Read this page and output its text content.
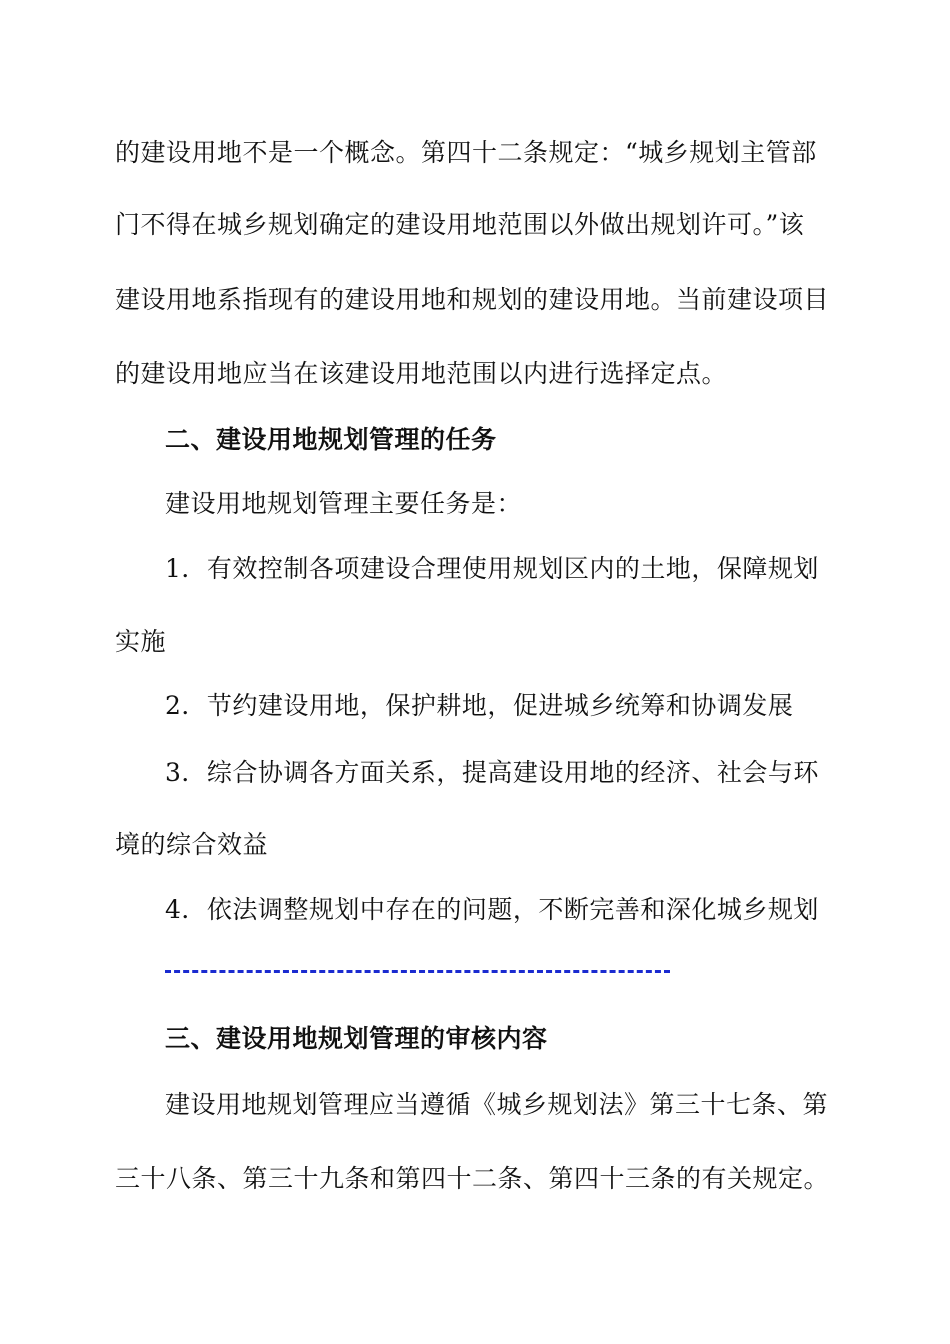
的建设用地不是一个概念。第四十二条规定：“城乡规划主管部
门不得在城乡规划确定的建设用地范围以外做出规划许可。”该
建设用地系指现有的建设用地和规划的建设用地。当前建设项目
的建设用地应当在该建设用地范围以内进行选择定点。
二、建设用地规划管理的任务
建设用地规划管理主要任务是：
1．有效控制各项建设合理使用规划区内的土地，保障规划
实施
2．节约建设用地，保护耕地，促进城乡统筹和协调发展
3．综合协调各方面关系，提高建设用地的经济、社会与环
境的综合效益
4．依法调整规划中存在的问题，不断完善和深化城乡规划
三、建设用地规划管理的审核内容
建设用地规划管理应当遵循《城乡规划法》第三十七条、第
三十八条、第三十九条和第四十二条、第四十三条的有关规定。
